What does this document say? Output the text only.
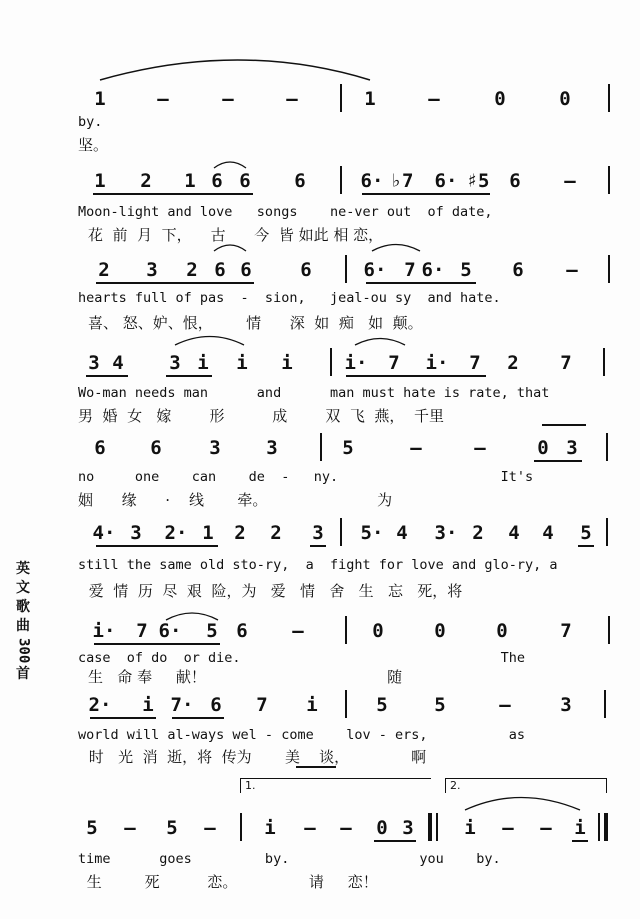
1	–	–	–	1	–	0	0
by.
坚。
1 2 1 6 6 6	6· ♭7 6· ♯5 6 –
Moon-light and love   songs    ne-ver out  of date,
花  前  月  下，    古      今  皆 如此 相 恋，
2 3 2 6 6	6	6· 7 6· 5 6 –
hearts full of pas  -  sion,   jeal-ou sy  and hate.
喜、 怒、妒、恨，       情      深  如  痴   如  颠。
3 4 3 i i i	i· 7 i· 7 2 7
Wo-man needs man      and      man must hate is rate, that
男  婚  女   嫁        形          成        双  飞  燕，  千里
6 6	3 3	5	–	–	0 3
no     one    can    de  -   ny.                    It's
姻      缘      ·    线       牵。                       为
4· 3 2· 1 2 2 3 5· 4 3· 2 4 4 5
still the same old sto-ry,  a  fight for love and glo-ry, a
爱  情  历  尽  艰  险，为   爱   情   舍   生   忘   死，将
i· 7 6· 5 6 –	0	0	0	7
case  of do  or die.                                The
生   命 奉     献！                                      随
2· i 7· 6 7 i	5 5	–	3
world will al-ways wel - come    lov - ers,          as
时   光  消  逝，将  传为       美    谈，             啊
1.	2.
5 – 5 –	i – – 0 3	i – – i
time      goes         by.                you    by.
生         死          恋。               请     恋！
英
文
歌
曲
300
首
